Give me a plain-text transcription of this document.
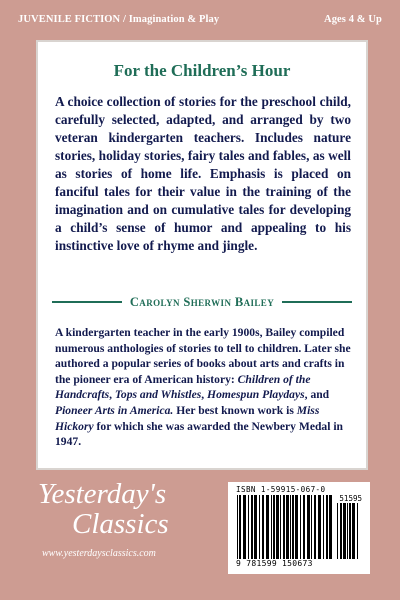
JUVENILE FICTION / Imagination & Play	Ages 4 & Up
For the Children’s Hour
A choice collection of stories for the preschool child, carefully selected, adapted, and arranged by two veteran kindergarten teachers. Includes nature stories, holiday stories, fairy tales and fables, as well as stories of home life. Emphasis is placed on fanciful tales for their value in the training of the imagination and on cumulative tales for developing a child’s sense of humor and appealing to his instinctive love of rhyme and jingle.
Carolyn Sherwin Bailey
A kindergarten teacher in the early 1900s, Bailey compiled numerous anthologies of stories to tell to children. Later she authored a popular series of books about arts and crafts in the pioneer era of American history: Children of the Handcrafts, Tops and Whistles, Homespun Playdays, and Pioneer Arts in America. Her best known work is Miss Hickory for which she was awarded the Newbery Medal in 1947.
Yesterday's
Classics
www.yesterdaysclassics.com
ISBN 1-59915-067-0
51595
9 781599 150673
